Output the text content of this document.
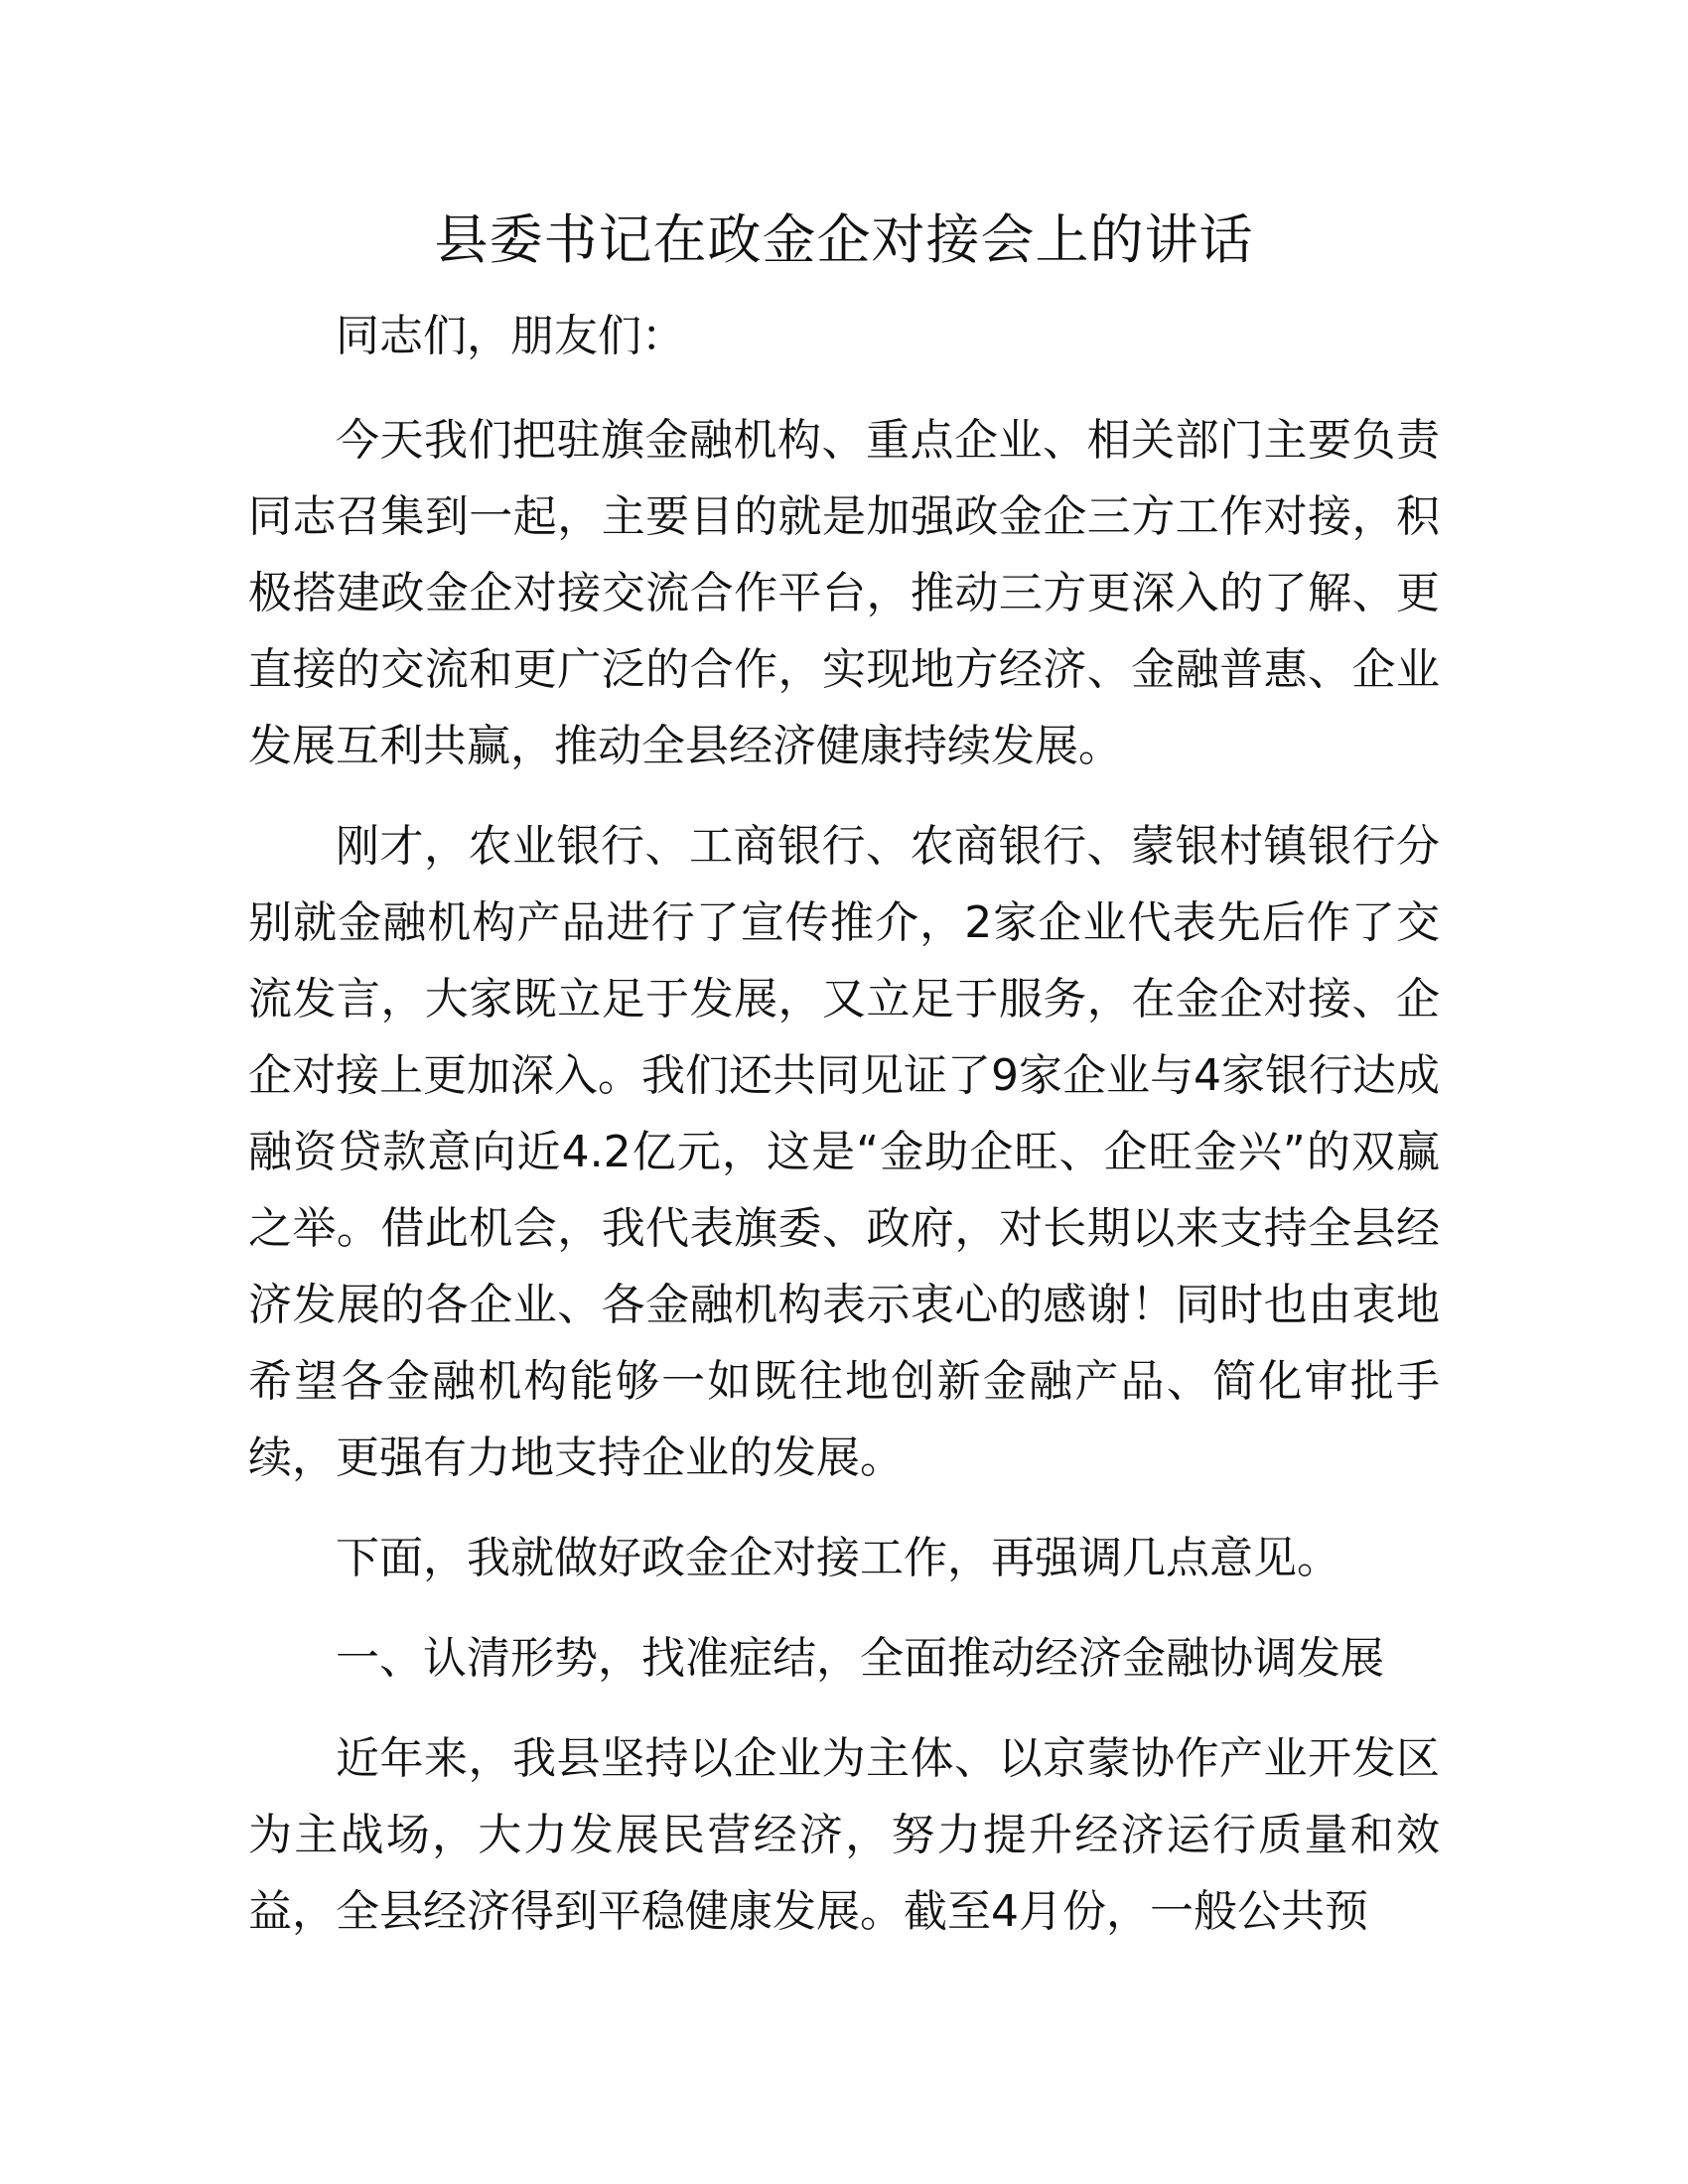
县委书记在政金企对接会上的讲话

同志们，朋友们：

今天我们把驻旗金融机构、重点企业、相关部门主要负责同志召集到一起，主要目的就是加强政金企三方工作对接，积极搭建政金企对接交流合作平台，推动三方更深入的了解、更直接的交流和更广泛的合作，实现地方经济、金融普惠、企业发展互利共赢，推动全县经济健康持续发展。

刚才，农业银行、工商银行、农商银行、蒙银村镇银行分别就金融机构产品进行了宣传推介，2家企业代表先后作了交流发言，大家既立足于发展，又立足于服务，在金企对接、企企对接上更加深入。我们还共同见证了9家企业与4家银行达成融资贷款意向近4.2亿元，这是“金助企旺、企旺金兴”的双赢之举。借此机会，我代表旗委、政府，对长期以来支持全县经济发展的各企业、各金融机构表示衷心的感谢！同时也由衷地希望各金融机构能够一如既往地创新金融产品、简化审批手续，更强有力地支持企业的发展。

下面，我就做好政金企对接工作，再强调几点意见。

一、认清形势，找准症结，全面推动经济金融协调发展

近年来，我县坚持以企业为主体、以京蒙协作产业开发区为主战场，大力发展民营经济，努力提升经济运行质量和效益，全县经济得到平稳健康发展。截至4月份，一般公共预
